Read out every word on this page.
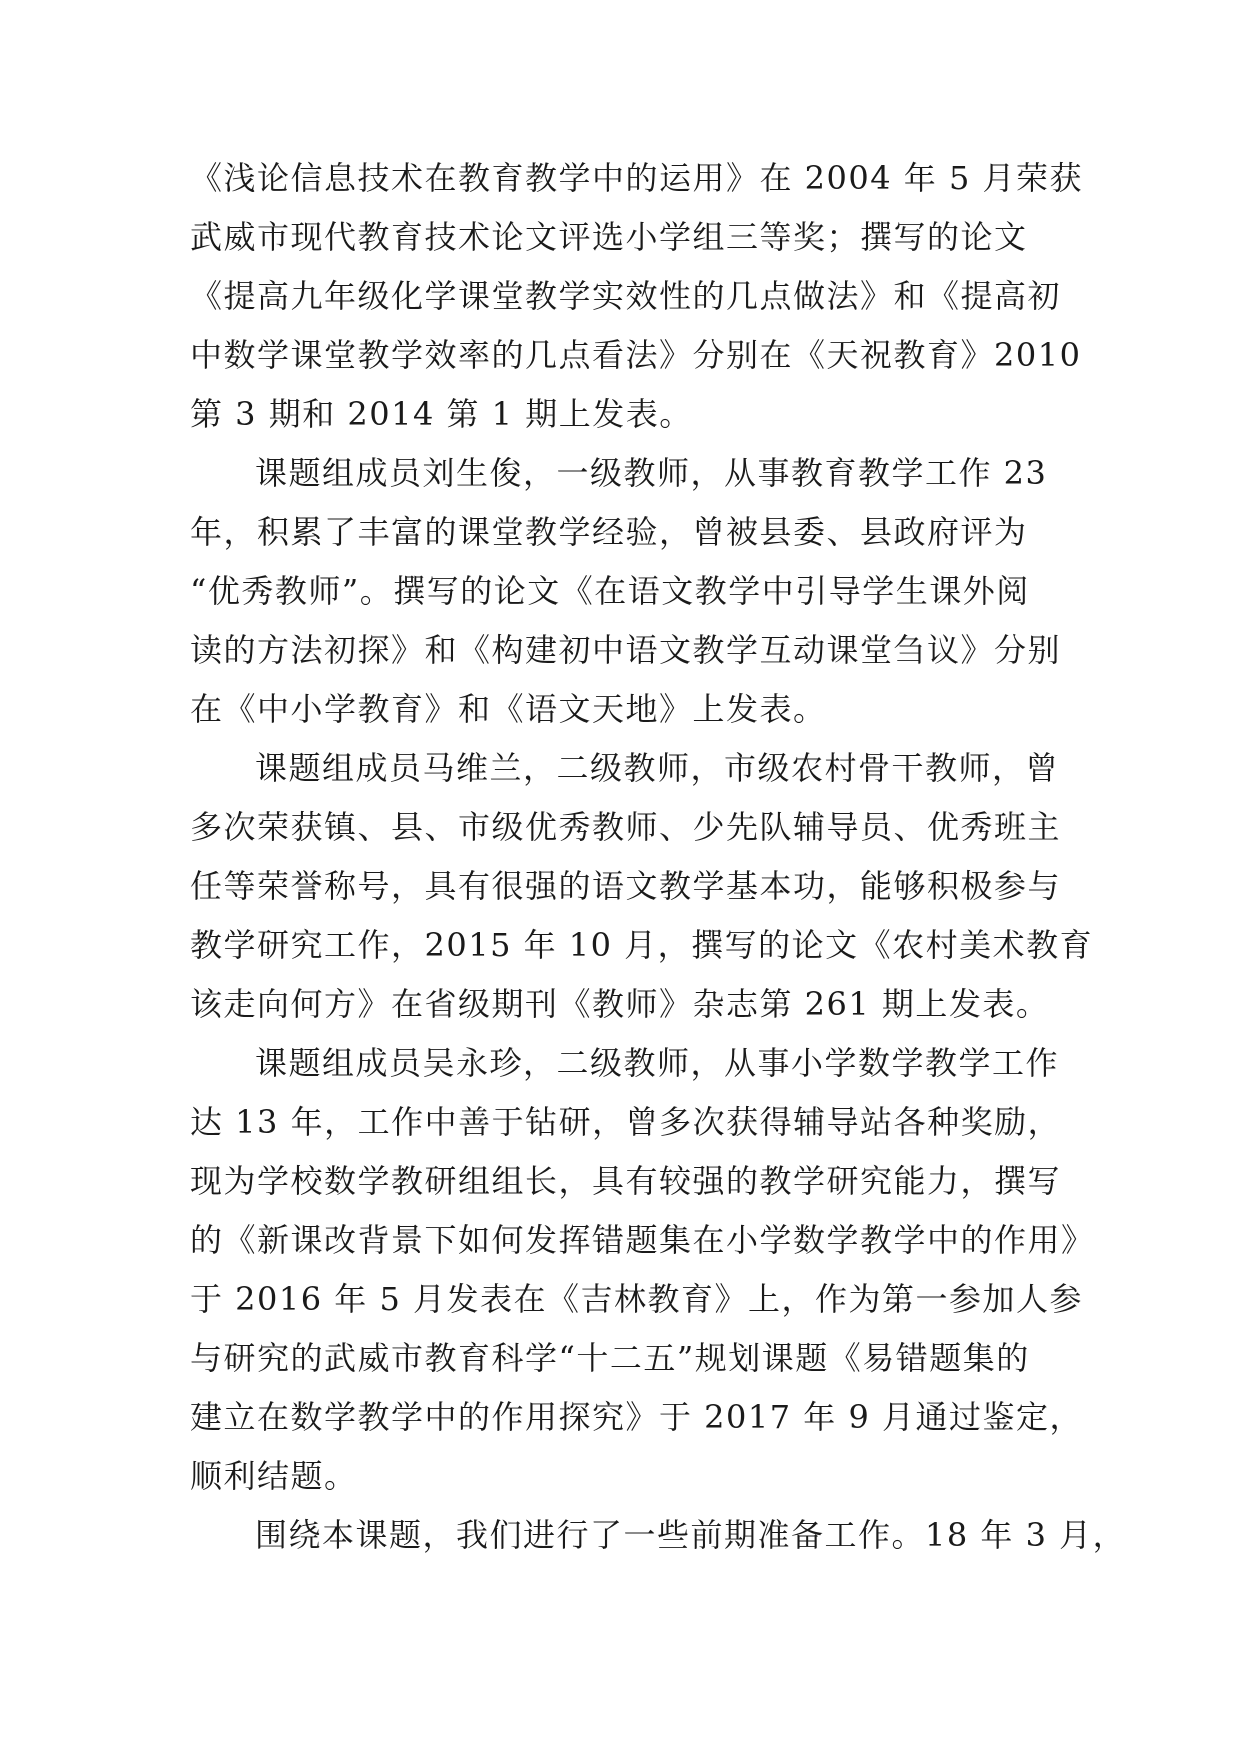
《浅论信息技术在教育教学中的运用》在 2004 年 5 月荣获
武威市现代教育技术论文评选小学组三等奖；撰写的论文
《提高九年级化学课堂教学实效性的几点做法》和《提高初
中数学课堂教学效率的几点看法》分别在《天祝教育》2010
第 3 期和 2014 第 1 期上发表。
课题组成员刘生俊，一级教师，从事教育教学工作 23
年，积累了丰富的课堂教学经验，曾被县委、县政府评为
“优秀教师”。撰写的论文《在语文教学中引导学生课外阅
读的方法初探》和《构建初中语文教学互动课堂刍议》分别
在《中小学教育》和《语文天地》上发表。
课题组成员马维兰，二级教师，市级农村骨干教师，曾
多次荣获镇、县、市级优秀教师、少先队辅导员、优秀班主
任等荣誉称号，具有很强的语文教学基本功，能够积极参与
教学研究工作，2015 年 10 月，撰写的论文《农村美术教育
该走向何方》在省级期刊《教师》杂志第 261 期上发表。
课题组成员吴永珍，二级教师，从事小学数学教学工作
达 13 年，工作中善于钻研，曾多次获得辅导站各种奖励，
现为学校数学教研组组长，具有较强的教学研究能力，撰写
的《新课改背景下如何发挥错题集在小学数学教学中的作用》
于 2016 年 5 月发表在《吉林教育》上，作为第一参加人参
与研究的武威市教育科学“十二五”规划课题《易错题集的
建立在数学教学中的作用探究》于 2017 年 9 月通过鉴定，
顺利结题。
围绕本课题，我们进行了一些前期准备工作。18 年 3 月，
